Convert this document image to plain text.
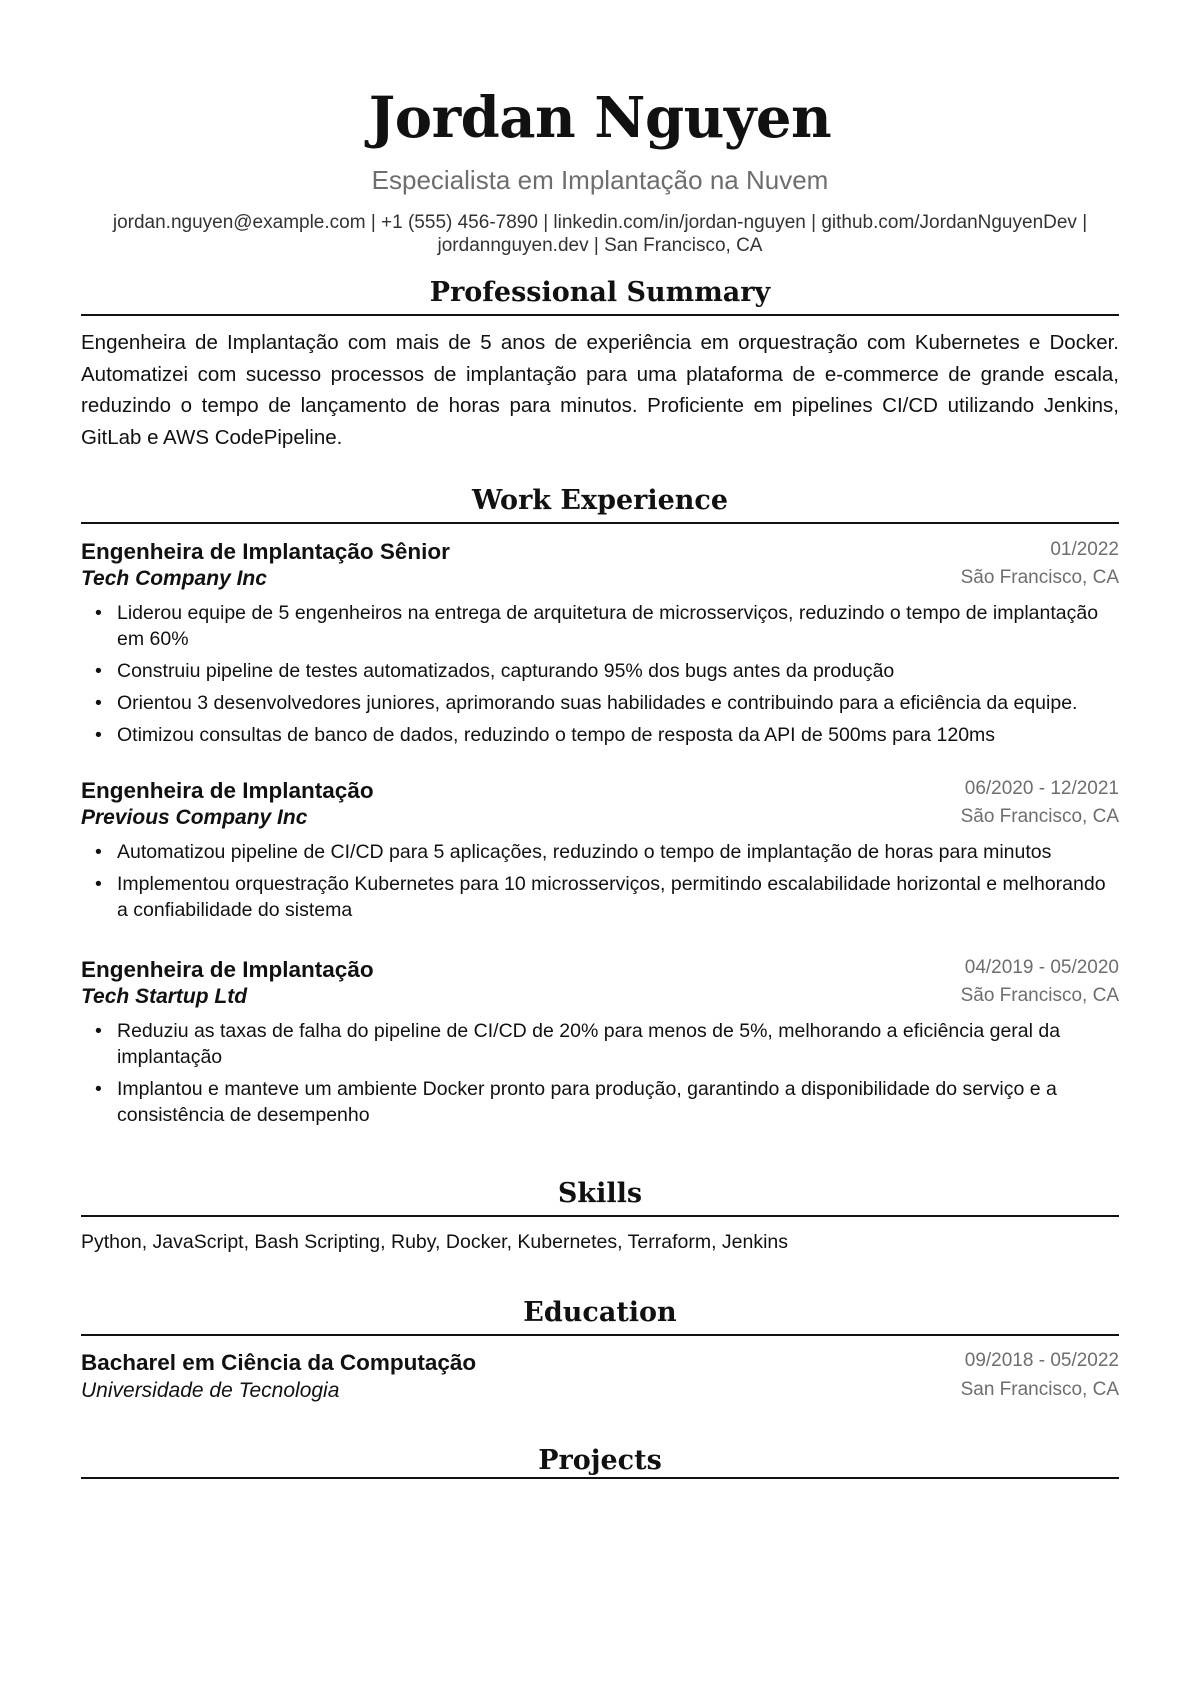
Jordan Nguyen
Especialista em Implantação na Nuvem
jordan.nguyen@example.com | +1 (555) 456-7890 | linkedin.com/in/jordan-nguyen | github.com/JordanNguyenDev |
jordannguyen.dev | San Francisco, CA
Professional Summary

Engenheira de Implantação com mais de 5 anos de experiência em orquestração com Kubernetes e Docker. Automatizei com sucesso processos de implantação para uma plataforma de e-commerce de grande escala, reduzindo o tempo de lançamento de horas para minutos. Proficiente em pipelines CI/CD utilizando Jenkins, GitLab e AWS CodePipeline.

Work Experience
Engenheira de Implantação Sênior	01/2022
Tech Company Inc	São Francisco, CA
• Liderou equipe de 5 engenheiros na entrega de arquitetura de microsserviços, reduzindo o tempo de implantação em 60%
• Construiu pipeline de testes automatizados, capturando 95% dos bugs antes da produção
• Orientou 3 desenvolvedores juniores, aprimorando suas habilidades e contribuindo para a eficiência da equipe.
• Otimizou consultas de banco de dados, reduzindo o tempo de resposta da API de 500ms para 120ms
Engenheira de Implantação	06/2020 - 12/2021
Previous Company Inc	São Francisco, CA
• Automatizou pipeline de CI/CD para 5 aplicações, reduzindo o tempo de implantação de horas para minutos
• Implementou orquestração Kubernetes para 10 microsserviços, permitindo escalabilidade horizontal e melhorando a confiabilidade do sistema
Engenheira de Implantação	04/2019 - 05/2020
Tech Startup Ltd	São Francisco, CA
• Reduziu as taxas de falha do pipeline de CI/CD de 20% para menos de 5%, melhorando a eficiência geral da implantação
• Implantou e manteve um ambiente Docker pronto para produção, garantindo a disponibilidade do serviço e a consistência de desempenho
Skills
Python, JavaScript, Bash Scripting, Ruby, Docker, Kubernetes, Terraform, Jenkins
Education
Bacharel em Ciência da Computação	09/2018 - 05/2022
Universidade de Tecnologia	San Francisco, CA
Projects
